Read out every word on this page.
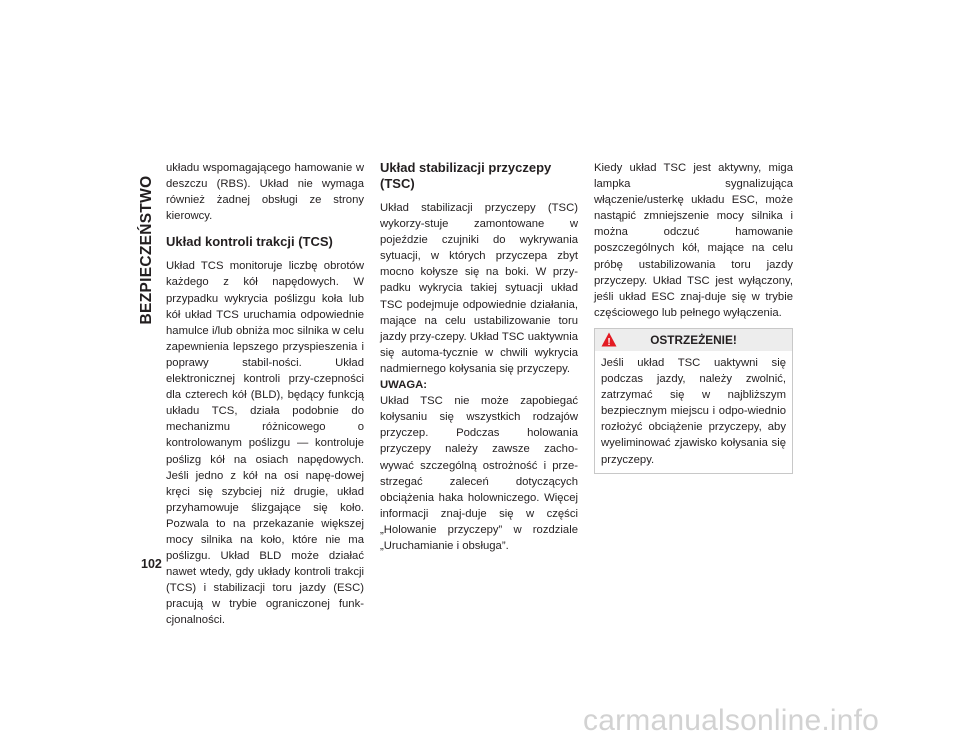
BEZPIECZEŃSTWO

układu wspomagającego hamowanie w deszczu (RBS). Układ nie wymaga również żadnej obsługi ze strony kierowcy.

Układ kontroli trakcji (TCS)

Układ TCS monitoruje liczbę obrotów każdego z kół napędowych. W przypadku wykrycia poślizgu koła lub kół układ TCS uruchamia odpowiednie hamulce i/lub obniża moc silnika w celu zapewnienia lepszego przyspieszenia i poprawy stabil-ności. Układ elektronicznej kontroli przy-czepności dla czterech kół (BLD), będący funkcją układu TCS, działa podobnie do mechanizmu różnicowego o kontrolowanym poślizgu — kontroluje poślizg kół na osiach napędowych. Jeśli jedno z kół na osi napę-dowej kręci się szybciej niż drugie, układ przyhamowuje ślizgające się koło. Pozwala to na przekazanie większej mocy silnika na koło, które nie ma poślizgu. Układ BLD może działać nawet wtedy, gdy układy kontroli trakcji (TCS) i stabilizacji toru jazdy (ESC) pracują w trybie ograniczonej funk-cjonalności.

Układ stabilizacji przyczepy (TSC)

Układ stabilizacji przyczepy (TSC) wykorzy-stuje zamontowane w pojeździe czujniki do wykrywania sytuacji, w których przyczepa zbyt mocno kołysze się na boki. W przy-padku wykrycia takiej sytuacji układ TSC podejmuje odpowiednie działania, mające na celu ustabilizowanie toru jazdy przy-czepy. Układ TSC uaktywnia się automa-tycznie w chwili wykrycia nadmiernego kołysania się przyczepy.

UWAGA:

Układ TSC nie może zapobiegać kołysaniu się wszystkich rodzajów przyczep. Podczas holowania przyczepy należy zawsze zacho-wywać szczególną ostrożność i prze-strzegać zaleceń dotyczących obciążenia haka holowniczego. Więcej informacji znaj-duje się w części „Holowanie przyczepy” w rozdziale „Uruchamianie i obsługa”.

Kiedy układ TSC jest aktywny, miga lampka sygnalizująca włączenie/usterkę układu ESC, może nastąpić zmniejszenie mocy silnika i można odczuć hamowanie poszczególnych kół, mające na celu próbę ustabilizowania toru jazdy przyczepy. Układ TSC jest wyłączony, jeśli układ ESC znaj-duje się w trybie częściowego lub pełnego wyłączenia.

!	OSTRZEŻENIE!

Jeśli układ TSC uaktywni się podczas jazdy, należy zwolnić, zatrzymać się w najbliższym bezpiecznym miejscu i odpo-wiednio rozłożyć obciążenie przyczepy, aby wyeliminować zjawisko kołysania się przyczepy.

102
carmanualsonline.info
